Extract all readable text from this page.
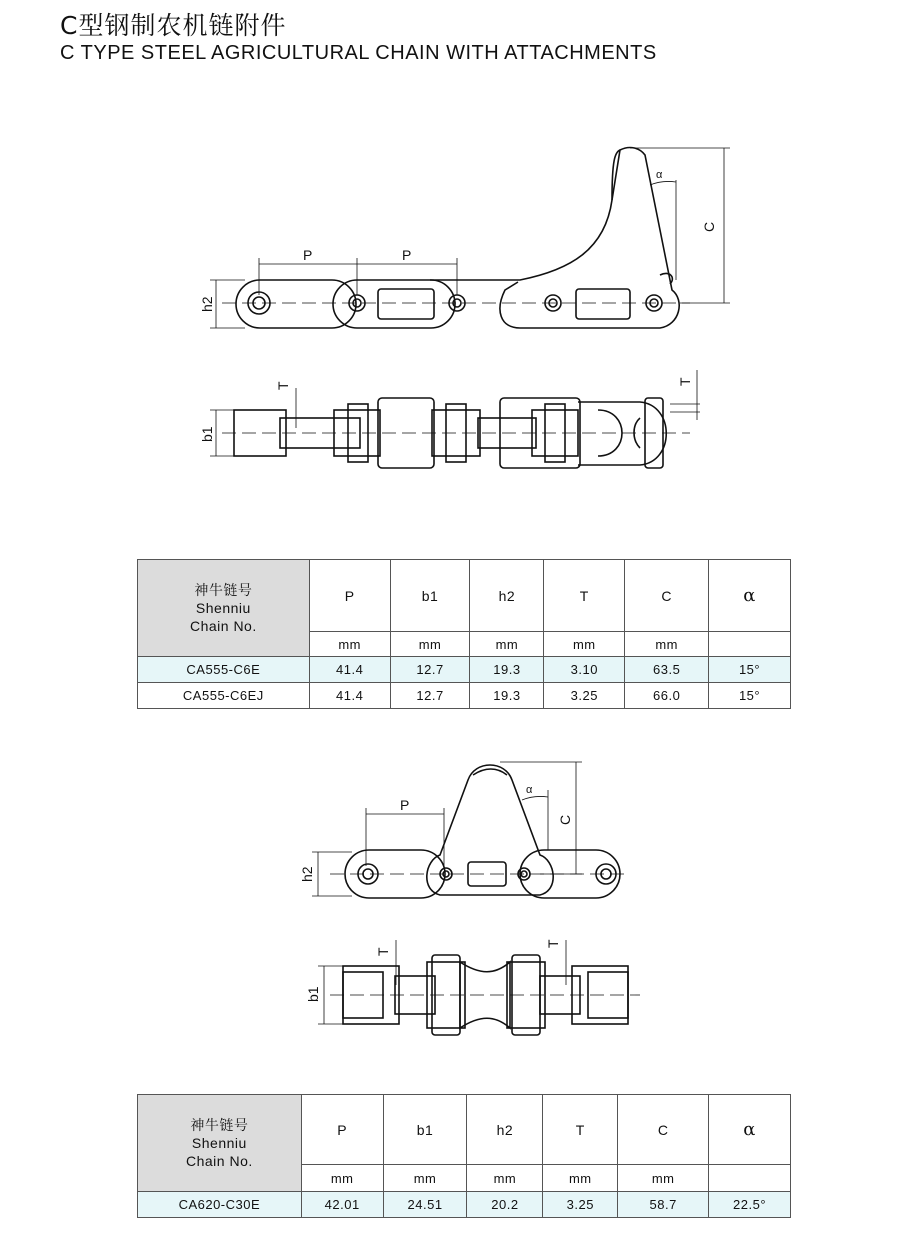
C型钢制农机链附件
C TYPE STEEL AGRICULTURAL CHAIN WITH ATTACHMENTS
P	P
h2
C
α
T
b1
T
P
h2
C
α
T
T
b1
神牛链号
Shenniu
Chain No.	P	b1	h2	T	C	α
	mm	mm	mm	mm	mm	
CA555-C6E	41.4	12.7	19.3	3.10	63.5	15°
CA555-C6EJ	41.4	12.7	19.3	3.25	66.0	15°
神牛链号
Shenniu
Chain No.	P	b1	h2	T	C	α
	mm	mm	mm	mm	mm	
CA620-C30E	42.01	24.51	20.2	3.25	58.7	22.5°
